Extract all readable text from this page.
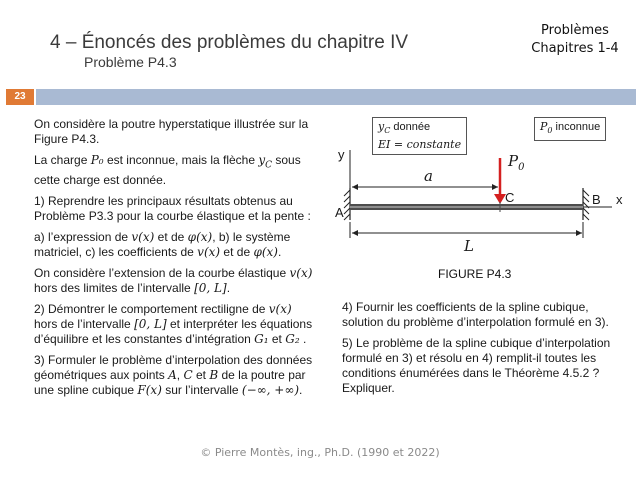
4 – Énoncés des problèmes du chapitre IV
Problème P4.3
Problèmes
Chapitres 1-4
23

On considère la poutre hyperstatique illustrée sur la Figure P4.3.

La charge P₀ est inconnue, mais la flèche $y_C$ sous cette charge est donnée.

1) Reprendre les principaux résultats obtenus au Problème P3.3 pour la courbe élastique et la pente :

a) l’expression de v(x) et de φ(x), b) le système matriciel, c) les coefficients de v(x) et de φ(x).

On considère l’extension de la courbe élastique v(x) hors des limites de l’intervalle [0, L].

2) Démontrer le comportement rectiligne de v(x) hors de l’intervalle [0, L] et interpréter les équations d’équilibre et les constantes d’intégration G₁ et G₂ .

3) Formuler le problème d’interpolation des données géométriques aux points A, C et B de la poutre par une spline cubique F(x) sur l’intervalle (−∞, +∞).

$y_C$ donnée
EI = constante
$P_0$ inconnue
y
x
A
B
C
a
L
$P_0$
FIGURE P4.3

4) Fournir les coefficients de la spline cubique, solution du problème d’interpolation formulé en 3).

5) Le problème de la spline cubique d’interpolation formulé en 3) et résolu en 4) remplit-il toutes les conditions énumérées dans le Théorème 4.5.2 ? Expliquer.

© Pierre Montès, ing., Ph.D. (1990 et 2022)
